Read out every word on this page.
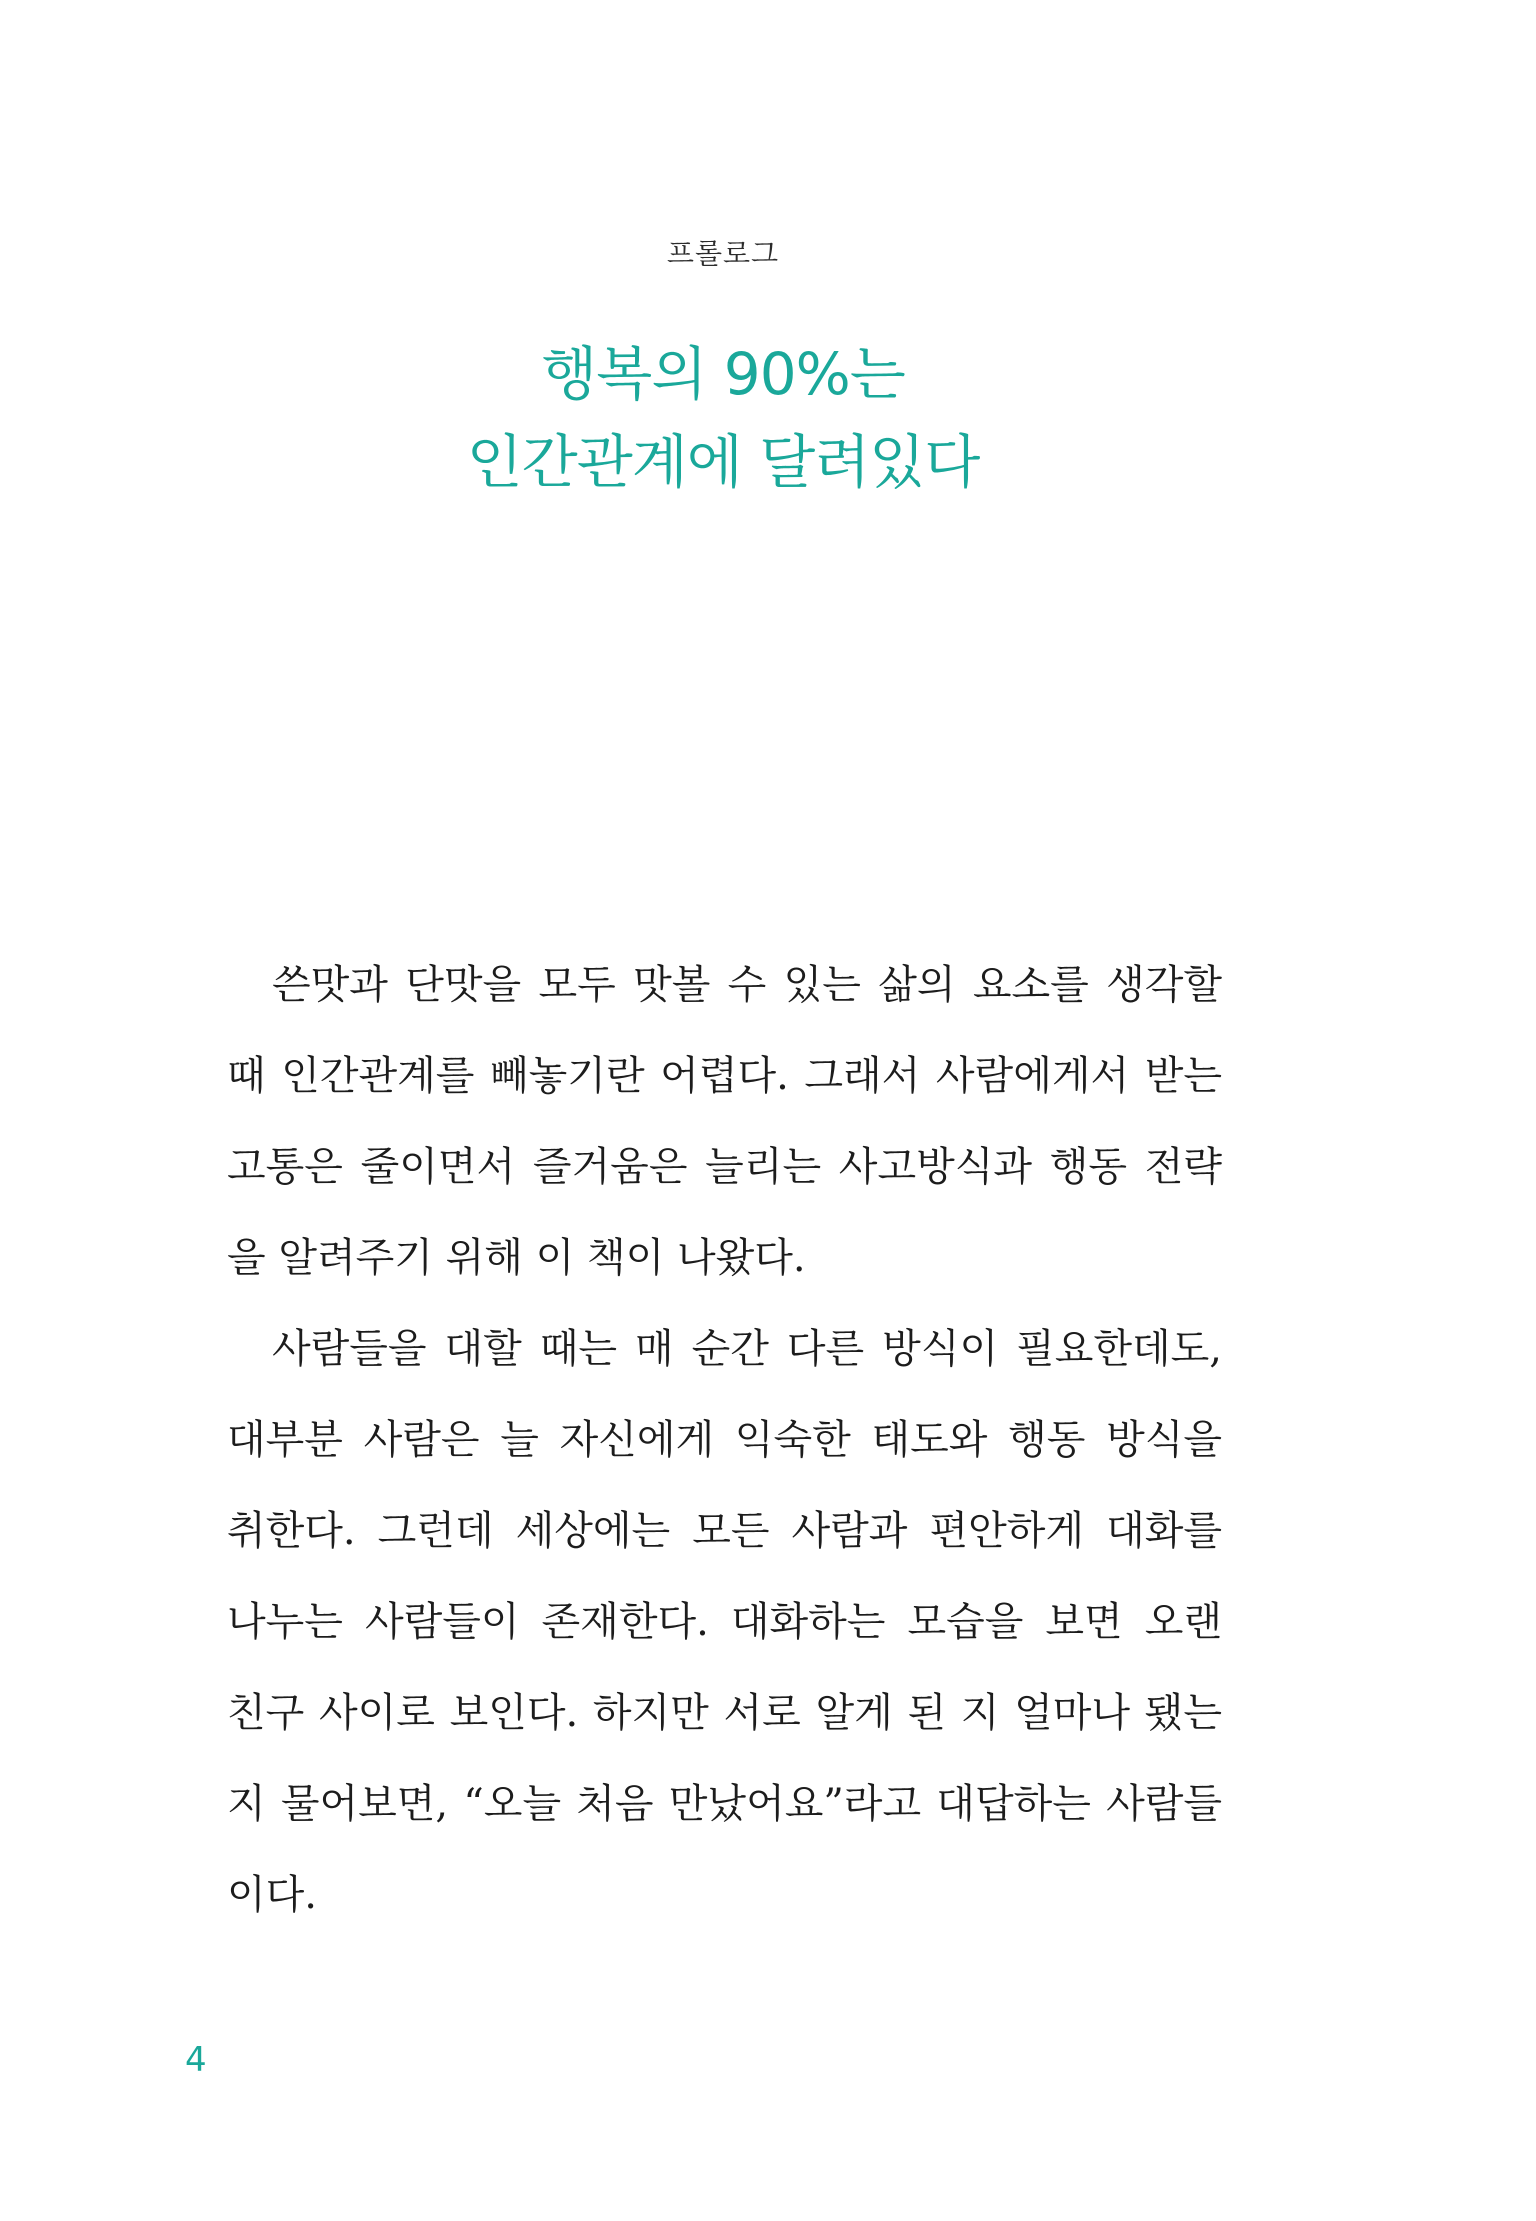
프롤로그
행복의 90%는
인간관계에 달려있다
쓴맛과 단맛을 모두 맛볼 수 있는 삶의 요소를 생각할
때 인간관계를 빼놓기란 어렵다. 그래서 사람에게서 받는
고통은 줄이면서 즐거움은 늘리는 사고방식과 행동 전략
을 알려주기 위해 이 책이 나왔다.
사람들을 대할 때는 매 순간 다른 방식이 필요한데도,
대부분 사람은 늘 자신에게 익숙한 태도와 행동 방식을
취한다. 그런데 세상에는 모든 사람과 편안하게 대화를
나누는 사람들이 존재한다. 대화하는 모습을 보면 오랜
친구 사이로 보인다. 하지만 서로 알게 된 지 얼마나 됐는
지 물어보면, “오늘 처음 만났어요”라고 대답하는 사람들
이다.
4
